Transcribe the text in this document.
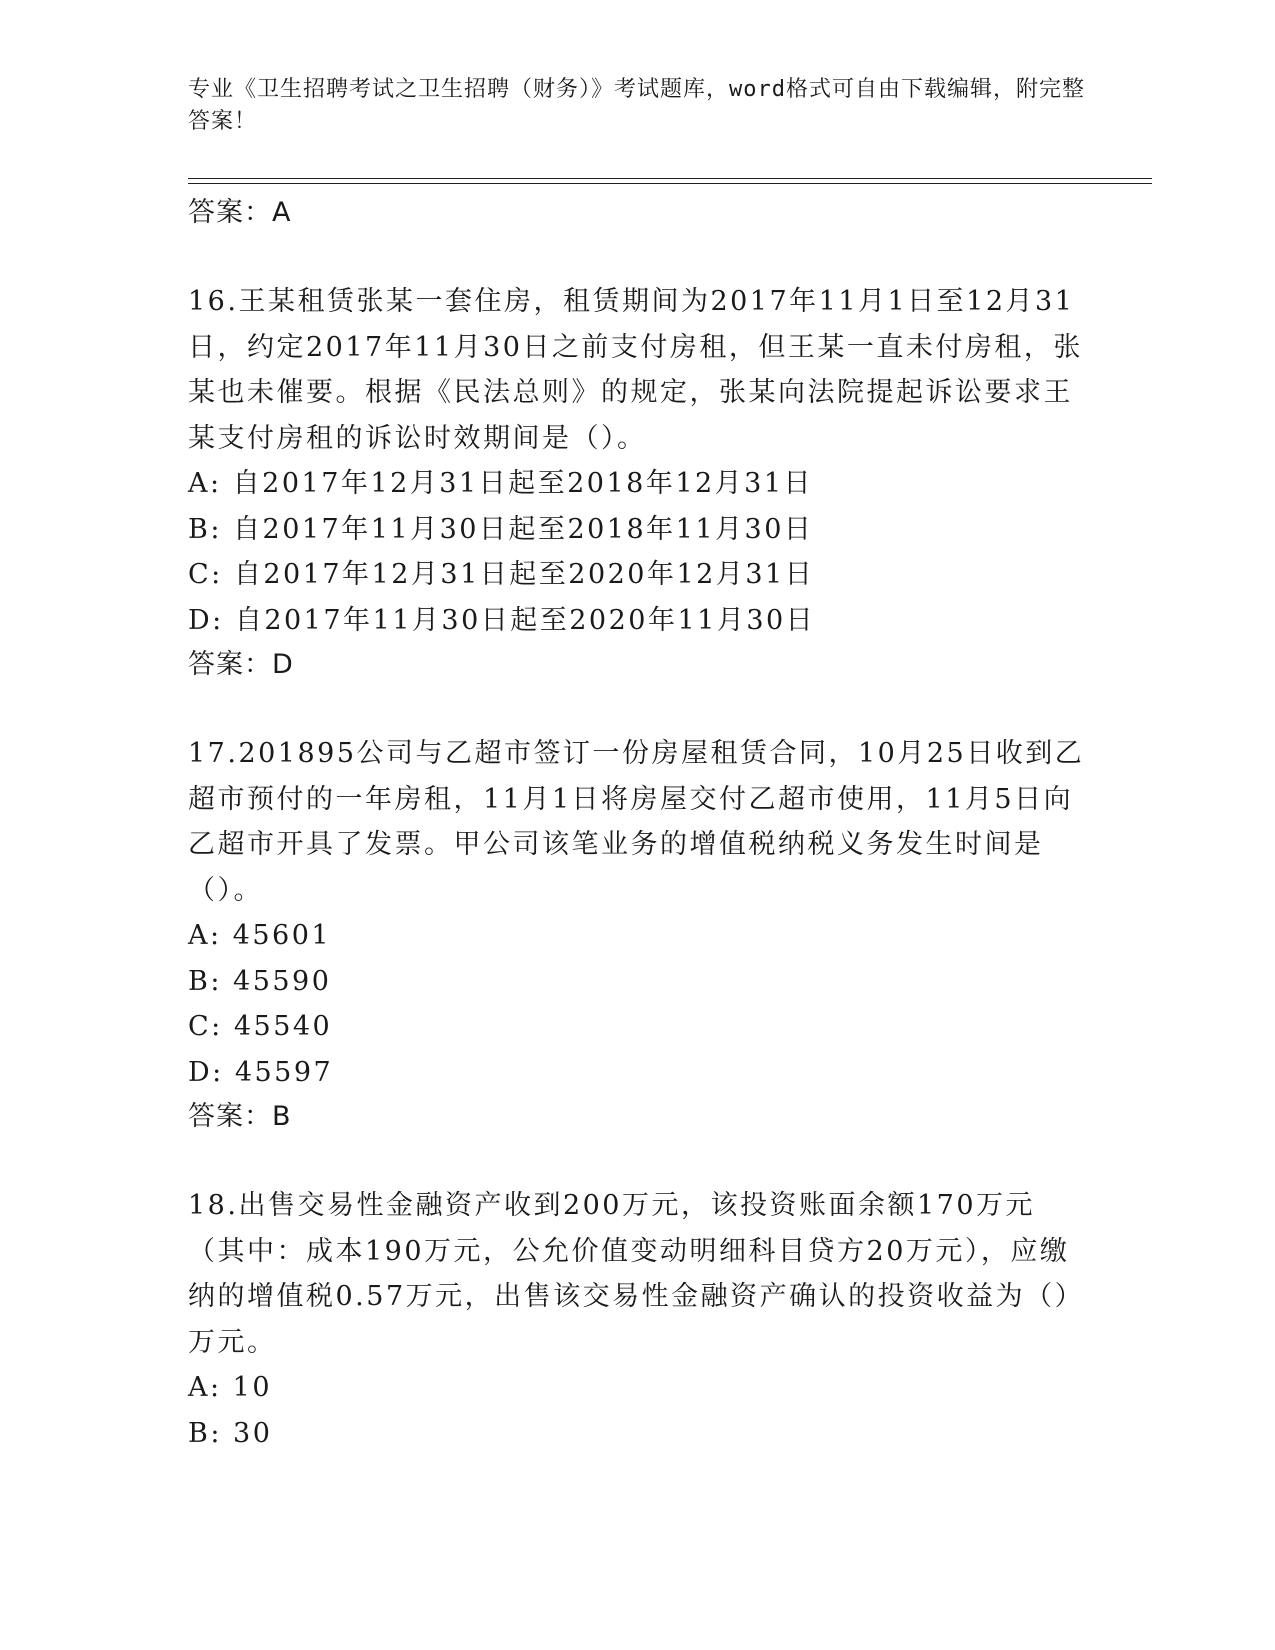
专业《卫生招聘考试之卫生招聘（财务）》考试题库，word格式可自由下载编辑，附完整答案！
答案：A

16.王某租赁张某一套住房，租赁期间为2017年11月1日至12月31日，约定2017年11月30日之前支付房租，但王某一直未付房租，张某也未催要。根据《民法总则》的规定，张某向法院提起诉讼要求王某支付房租的诉讼时效期间是（）。

A: 自2017年12月31日起至2018年12月31日
B: 自2017年11月30日起至2018年11月30日
C: 自2017年12月31日起至2020年12月31日
D: 自2017年11月30日起至2020年11月30日
答案：D

17.201895公司与乙超市签订一份房屋租赁合同，10月25日收到乙超市预付的一年房租，11月1日将房屋交付乙超市使用，11月5日向乙超市开具了发票。甲公司该笔业务的增值税纳税义务发生时间是（）。

A: 45601
B: 45590
C: 45540
D: 45597
答案：B

18.出售交易性金融资产收到200万元，该投资账面余额170万元（其中：成本190万元，公允价值变动明细科目贷方20万元），应缴纳的增值税0.57万元，出售该交易性金融资产确认的投资收益为（）万元。

A: 10
B: 30
